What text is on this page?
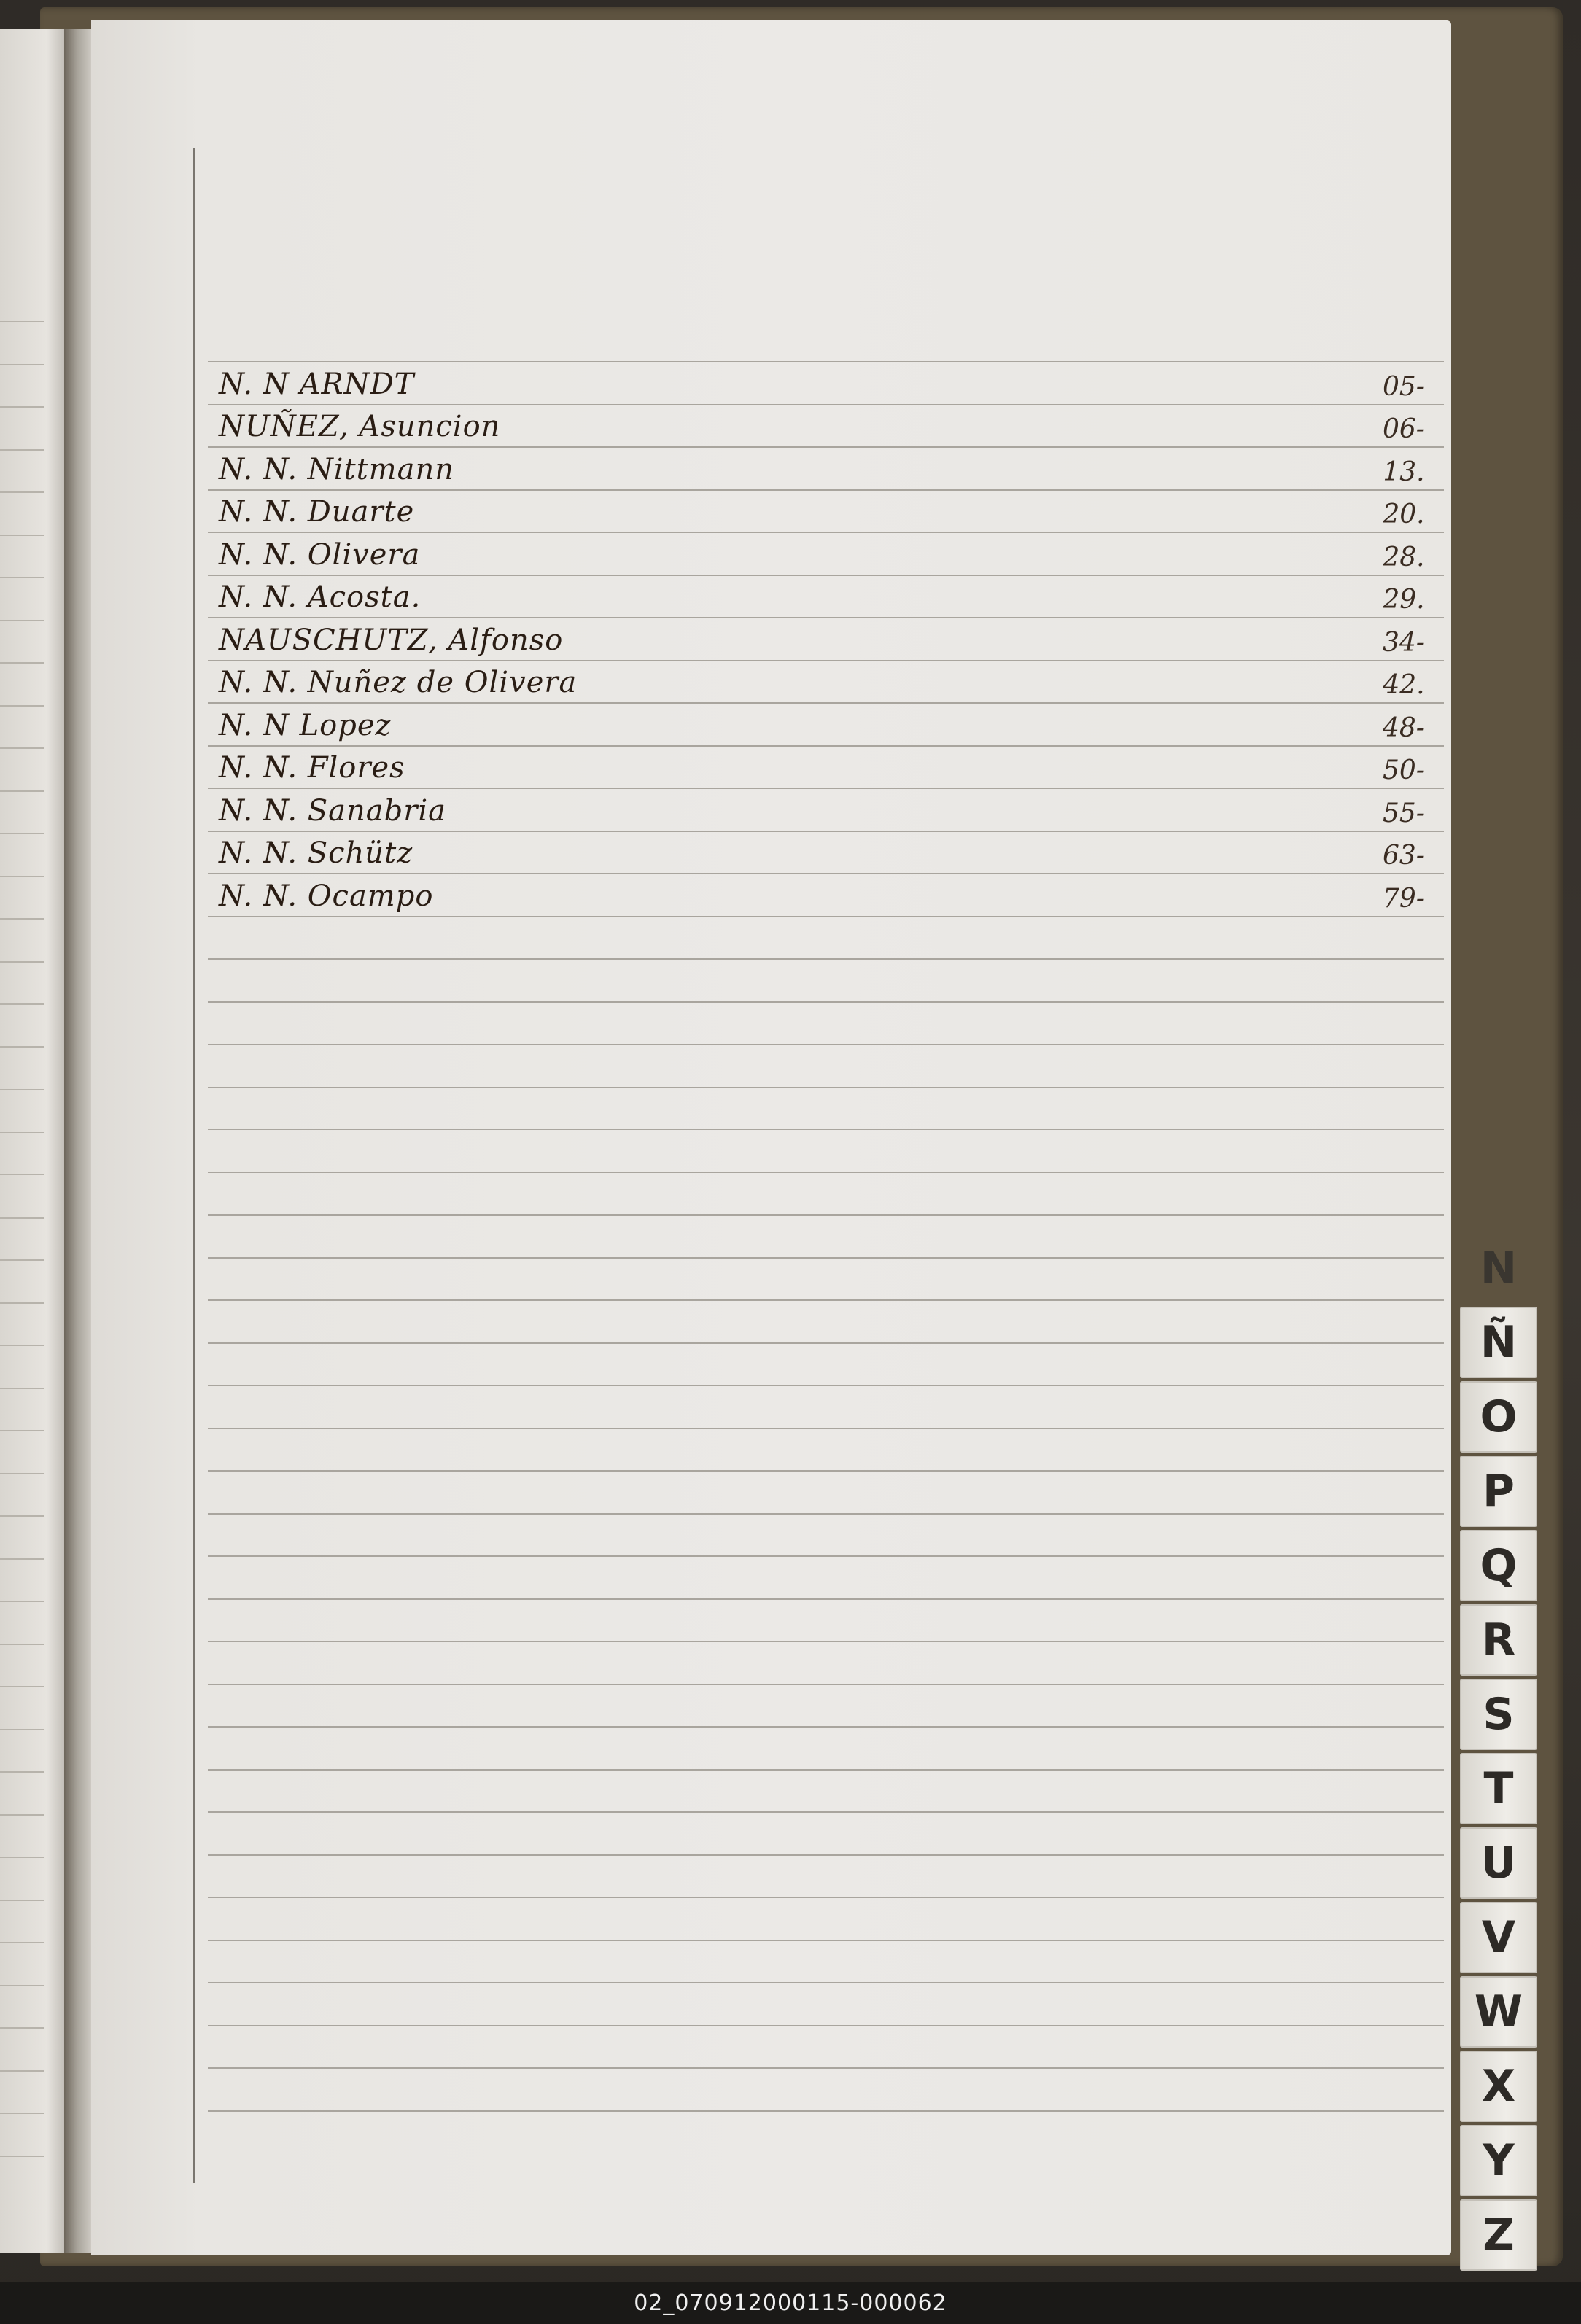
N. N ARNDT	05-
NUÑEZ, Asuncion	06-
N. N. Nittmann	13.
N. N. Duarte	20.
N. N. Olivera	28.
N. N. Acosta.	29.
NAUSCHUTZ, Alfonso	34-
N. N. Nuñez de Olivera	42.
N. N Lopez	48-
N. N. Flores	50-
N. N. Sanabria	55-
N. N. Schütz	63-
N. N. Ocampo	79-
N
Ñ
O
P
Q
R
S
T
U
V
W
X
Y
Z
02_070912000115-000062
